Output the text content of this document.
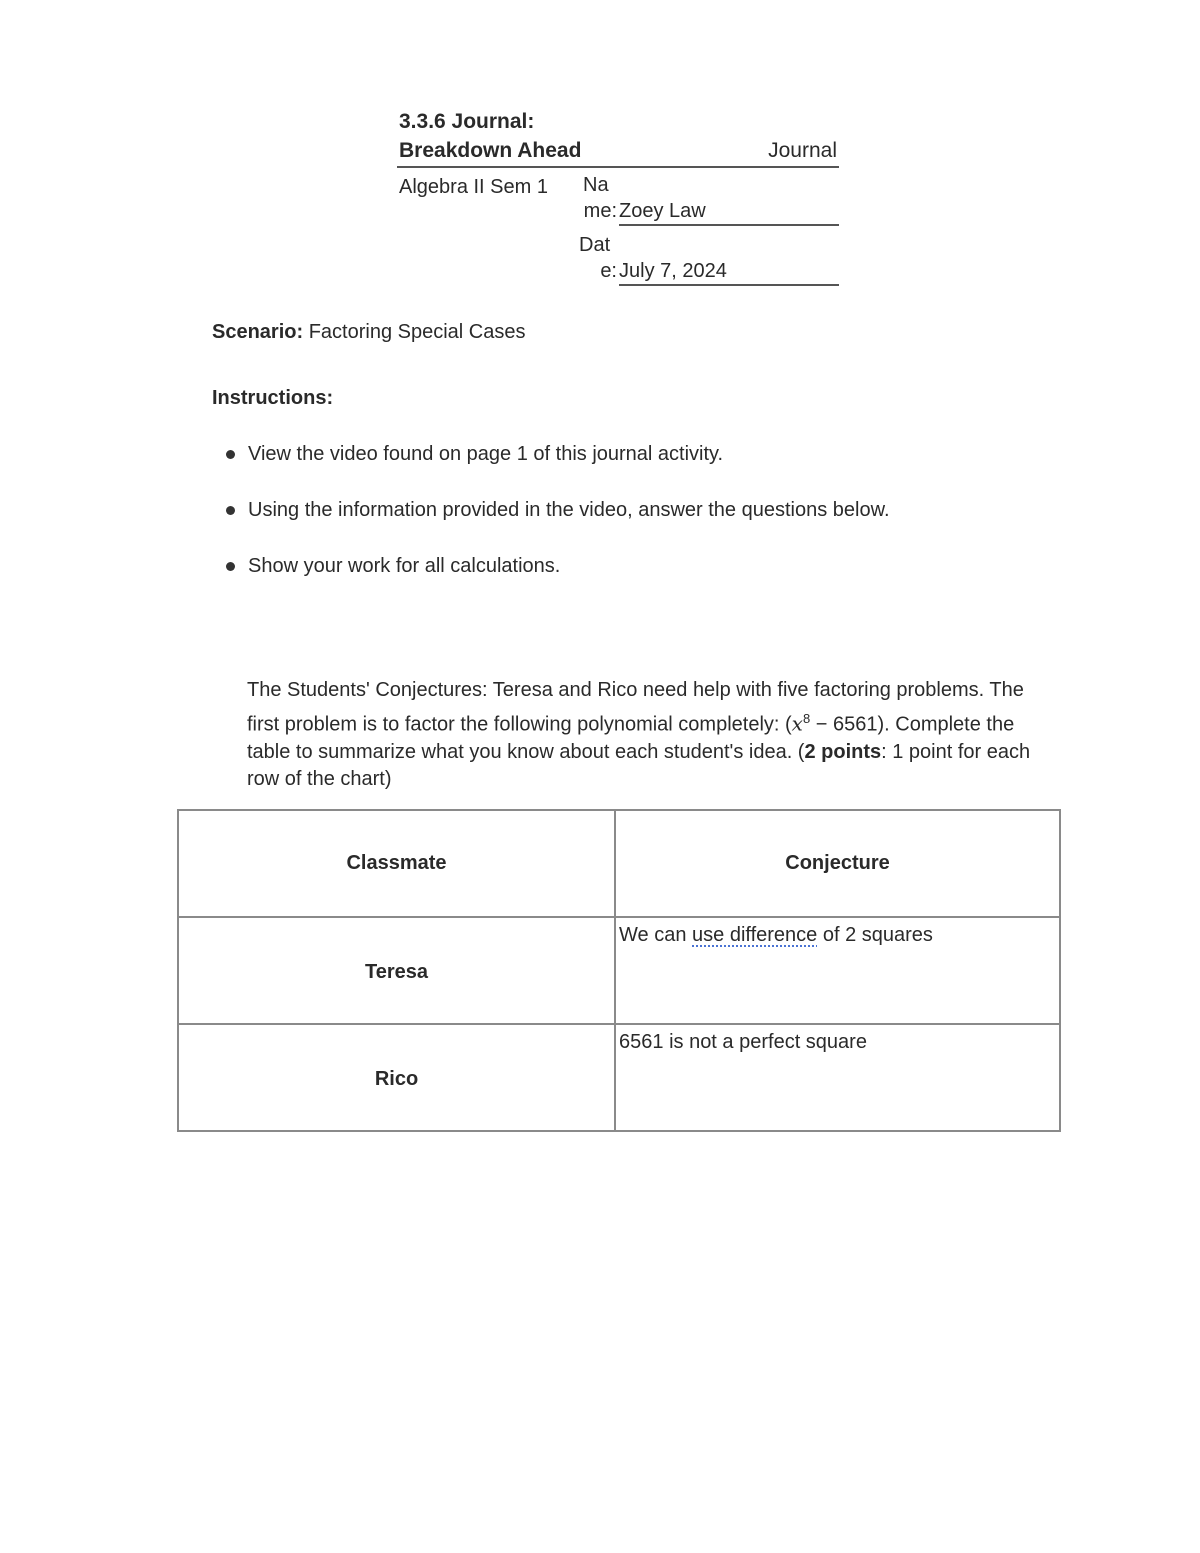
3.3.6 Journal:
Breakdown Ahead	Journal
Algebra II Sem 1 Na
me: Zoey Law
Dat
e: July 7, 2024
Scenario: Factoring Special Cases
Instructions:
View the video found on page 1 of this journal activity.
Using the information provided in the video, answer the questions below.
Show your work for all calculations.
The Students' Conjectures: Teresa and Rico need help with five factoring problems. The first problem is to factor the following polynomial completely: $(x^8 - 6561)$. Complete the table to summarize what you know about each student's idea. (2 points: 1 point for each row of the chart)
Classmate	Conjecture
Teresa	We can use difference of 2 squares
Rico	6561 is not a perfect square
